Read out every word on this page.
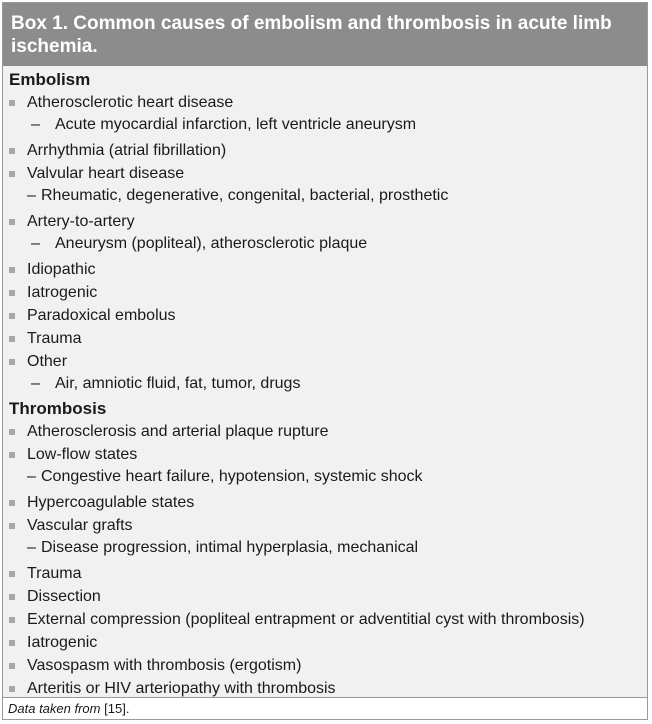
Box 1. Common causes of embolism and thrombosis in acute limb ischemia.
Embolism
Atherosclerotic heart disease
– Acute myocardial infarction, left ventricle aneurysm
Arrhythmia (atrial fibrillation)
Valvular heart disease
– Rheumatic, degenerative, congenital, bacterial, prosthetic
Artery-to-artery
– Aneurysm (popliteal), atherosclerotic plaque
Idiopathic
Iatrogenic
Paradoxical embolus
Trauma
Other
– Air, amniotic fluid, fat, tumor, drugs
Thrombosis
Atherosclerosis and arterial plaque rupture
Low-flow states
– Congestive heart failure, hypotension, systemic shock
Hypercoagulable states
Vascular grafts
– Disease progression, intimal hyperplasia, mechanical
Trauma
Dissection
External compression (popliteal entrapment or adventitial cyst with thrombosis)
Iatrogenic
Vasospasm with thrombosis (ergotism)
Arteritis or HIV arteriopathy with thrombosis
Data taken from [15].
